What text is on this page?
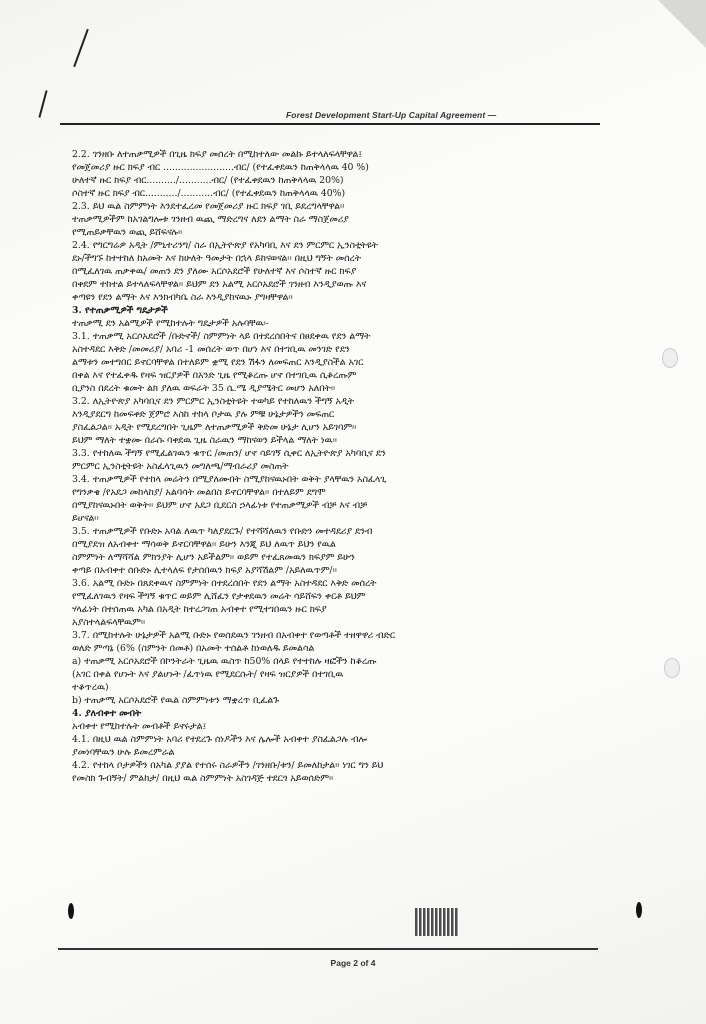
Forest Development Start-Up Capital Agreement —
2.2. ገንዘቡ ለተጠቃሚዎች በጊዜ ክፍያ መሰረት በሚከተለው መልኩ ይተላለፍላቸዋል፤
የመጀመሪያ ዙር ክፍያ ብር ........................ብር/ (የተፈቀደዉን ከጠቅላላዉ 40 %)
ሁለተኛ ዙር ክፍያ ብር........../...........ብር/ (የተፈቀደዉን ከጠቅላላዉ 20%)
ሶስተኛ ዙር ክፍያ ብር.........../...........ብር/ (የተፈቀደዉን ከጠቅላላዉ 40%)
2.3. ይህ ዉል ስምምነት እንደተፈረመ የመጀመሪያ ዙር ክፍያ ገቢ ይደረግላቸዋል፡፡
ተጠቃሚዎችም ከአገልግሎቱ ገንዘብ ዉጪ ማድረግና ለደን ልማት ስራ ማስጀመሪያ
የሚጠይቃቸዉን ወጪ ይሸፍናሉ፡፡
2.4. የግርግሬዎ አዲት /ምኒተሪንግ/ ስራ በኢትዮጵያ የአካባቢ እና ደን ምርምር ኢንስቲትዩት
ደኑ/ችግኙ ከተተከለ ከአመት እና ከሁለት ዓመታት በኋላ ይከናወናል፡፡ በዚህ ግኝት መሰረት
በሚፈለገዉ ጠቃቀዉ/ መጠን ደን ያለሙ አርሶአደሮች የሁለተኛ እና ሶስተኛ ዙር ክፍያ
በቀደም ተከተል ይተላለፍላቸዋል፡፡ ይህም ደን አልሚ አርሶአደሮች ገንዘብ እንዲያወጡ እና
ቀጣዩን የደን ልማት እና እንክብካቤ ስራ እንዲያከናዉኑ ያግዛቸዋል፡፡
3. የተጠቃሚዎች ግዴታዎች
ተጠቃሚ ደን አልሚዎች የሚከተሉት ግዴታዎች አሉባቸዉ፡-
3.1. ተጠቃሚ አርሶአደሮች /ቡድኖች/ ስምምነት ላይ በተደረሰበትና በፀደቀዉ የደን ልማት
አስተዳደር እቅድ /መመሪያ/ አባሪ -1 መሰረት ወጥ በሆነ እና በተገቢዉ መንገድ የደን
ልማቱን መተግበር ይኖርባቸዋል በተለይም ቋሚ የደን ሽፋን ለመፍጠር እንዲያስችል አገር
በቀል እና የተፈቀዱ የዛፍ ዝርያዎች በአንድ ጊዜ የሚቆረጡ ሆኖ በተገቢዉ ሲቆረጡም
ቢያንስ በደረት ቁመት ልክ ያለዉ ወፍራት 35 ሴ.ሜ ዲያሜትር መሆን አለበት፡፡
3.2. ለኢትዮጵያ አካባቢና ደን ምርምር ኢንስቲትዩት ተወካይ የተከለዉን ችግኝ አዲት
እንዲያደርግ ከመፍቀድ ጀምሮ እስከ ተከላ ቦታዉ ያሉ ምቹ ሁኔታዎችን መፍጠር
ያስፈልጋል፡፡ አዲት የሚደረግበት ጊዜም ለተጠቃሚዎች ቅድመ ሁኔታ ሊሆን አይገባም፡፡
ይህም ማለት ተቋሙ በራሱ ባቀደዉ ጊዜ ስራዉን ማከናወን ይችላል ማለት ነዉ፡፡
3.3. የተከለዉ ችግኝ የሚፈልገዉን ቁጥር /መጠን/ ሆኖ ሳይገኝ ሲቀር ለኢትዮጵያ አካባቢና ደን
ምርምር ኢንስቲትዩት አስፈላጊዉን መግለጫ/ማብራሪያ መስጠት
3.4. ተጠቃሚዎች የተከላ መሬትን በሚያለሙበት ስሚያከናዉኑበት ወቅት ያላቸዉን አስፈላጊ
የግንቃቄ /የአደጋ መከላከያ/ አልባሳት መልበስ ይኖርባቸዋል፡፡ በተለይም ደግሞ
በሚያከናዉኑበት ወቅት፡፡ ይህም ሆኖ አደጋ ቢደርስ ኃላፊነቱ የተጠቃሚዎች ብቻ እና ብቻ
ይሆናል፡፡
3.5. ተጠቃሚዎች የቡድኑ አባል ለዉጥ ካለያደርጉ/ የተሻሻለዉን የቡድን መተዳደሪያ ደንብ
በሚያደዝ ለአብቀተ ማሳወቅ ይኖርባቸዋል፡፡ ይሁን እንጂ ይህ ለዉጥ ይህን የዉል
ስምምነት ለማሻሻል ምክንያት ሊሆን አይችልም፡፡ ወይም የተፈጸመዉን ክፍያም ይሁን
ቀጣይ በአብቀተ ሰቡድኑ ሊተላለፍ የታሰበዉን ክፍያ አያሻሽልም /አይለዉጥም/፡፡
3.6. አልሚ ቡድኑ በጸደቀዉና ስምምነት በተደረሰበት የደን ልማት አስተዳደር እቅድ መሰረት
የሚፈለገዉን የዛፍ ችግኝ ቁጥር ወይም ሊሸፈን የታቀደዉን መሬት ሳይሸፍን ቀርቶ ይህም
ሃላፊነት በተሰጠዉ አካል በአዲት ከተረጋገጠ አብቀተ የሚተገበዉን ዙር ክፍያ
አያስተላልፍላቸዉም፡፡
3.7. በሚከተሉት ሁኔታዎች አልሚ ቡድኑ የወሰደዉን ገንዘብ በአብቀተ የወጣቶች ተዘዋዋሪ ብድር
ወለድ ምጣኔ (6% (ስምንት በመቶ) በአመት ተሰልቶ ከነወለዱ ይመልሳል
a) ተጠቃሚ አርሶአደሮች በኮንትራት ጊዜዉ ዉስጥ ከ50% በላይ የተተከሉ ዛፎችን ከቆረጡ
(አገር በቀል የሆኑት እና ያልሆኑት /ፈጥነዉ የሚደርሱት/ የዛፍ ዝርያዎች በተገቢዉ
ተቆጥረዉ)
b) ተጠቃሚ አርሶአደሮች የዉል ስምምነቱን ማቋረጥ ቢፈልጉ
4. ያለብቀተ መብት
አብቀተ የሚከተሉት መብቶች ይኖሩታል፤
4.1. በዚህ ዉል ስምምነት አባሪ የተደረጉ ሰነዶችን እና ሌሎች አብቀተ ያስፈልጋሉ ብሎ
ያመነባቸዉን ሁሉ ይመረምራል
4.2. የተከላ ቦታዎችን በአካል ያያል የተሰሩ ስራዎችን /ገንዘቡ/ቱን/ ይመለከታል፡፡ ነገር ግን ይህ
የመስክ ጉብኝት/ ምልከታ/ በዚህ ዉል ስምምነት አስገዳጅ ተደርጎ አይወሰድም፡፡
Page 2 of 4
